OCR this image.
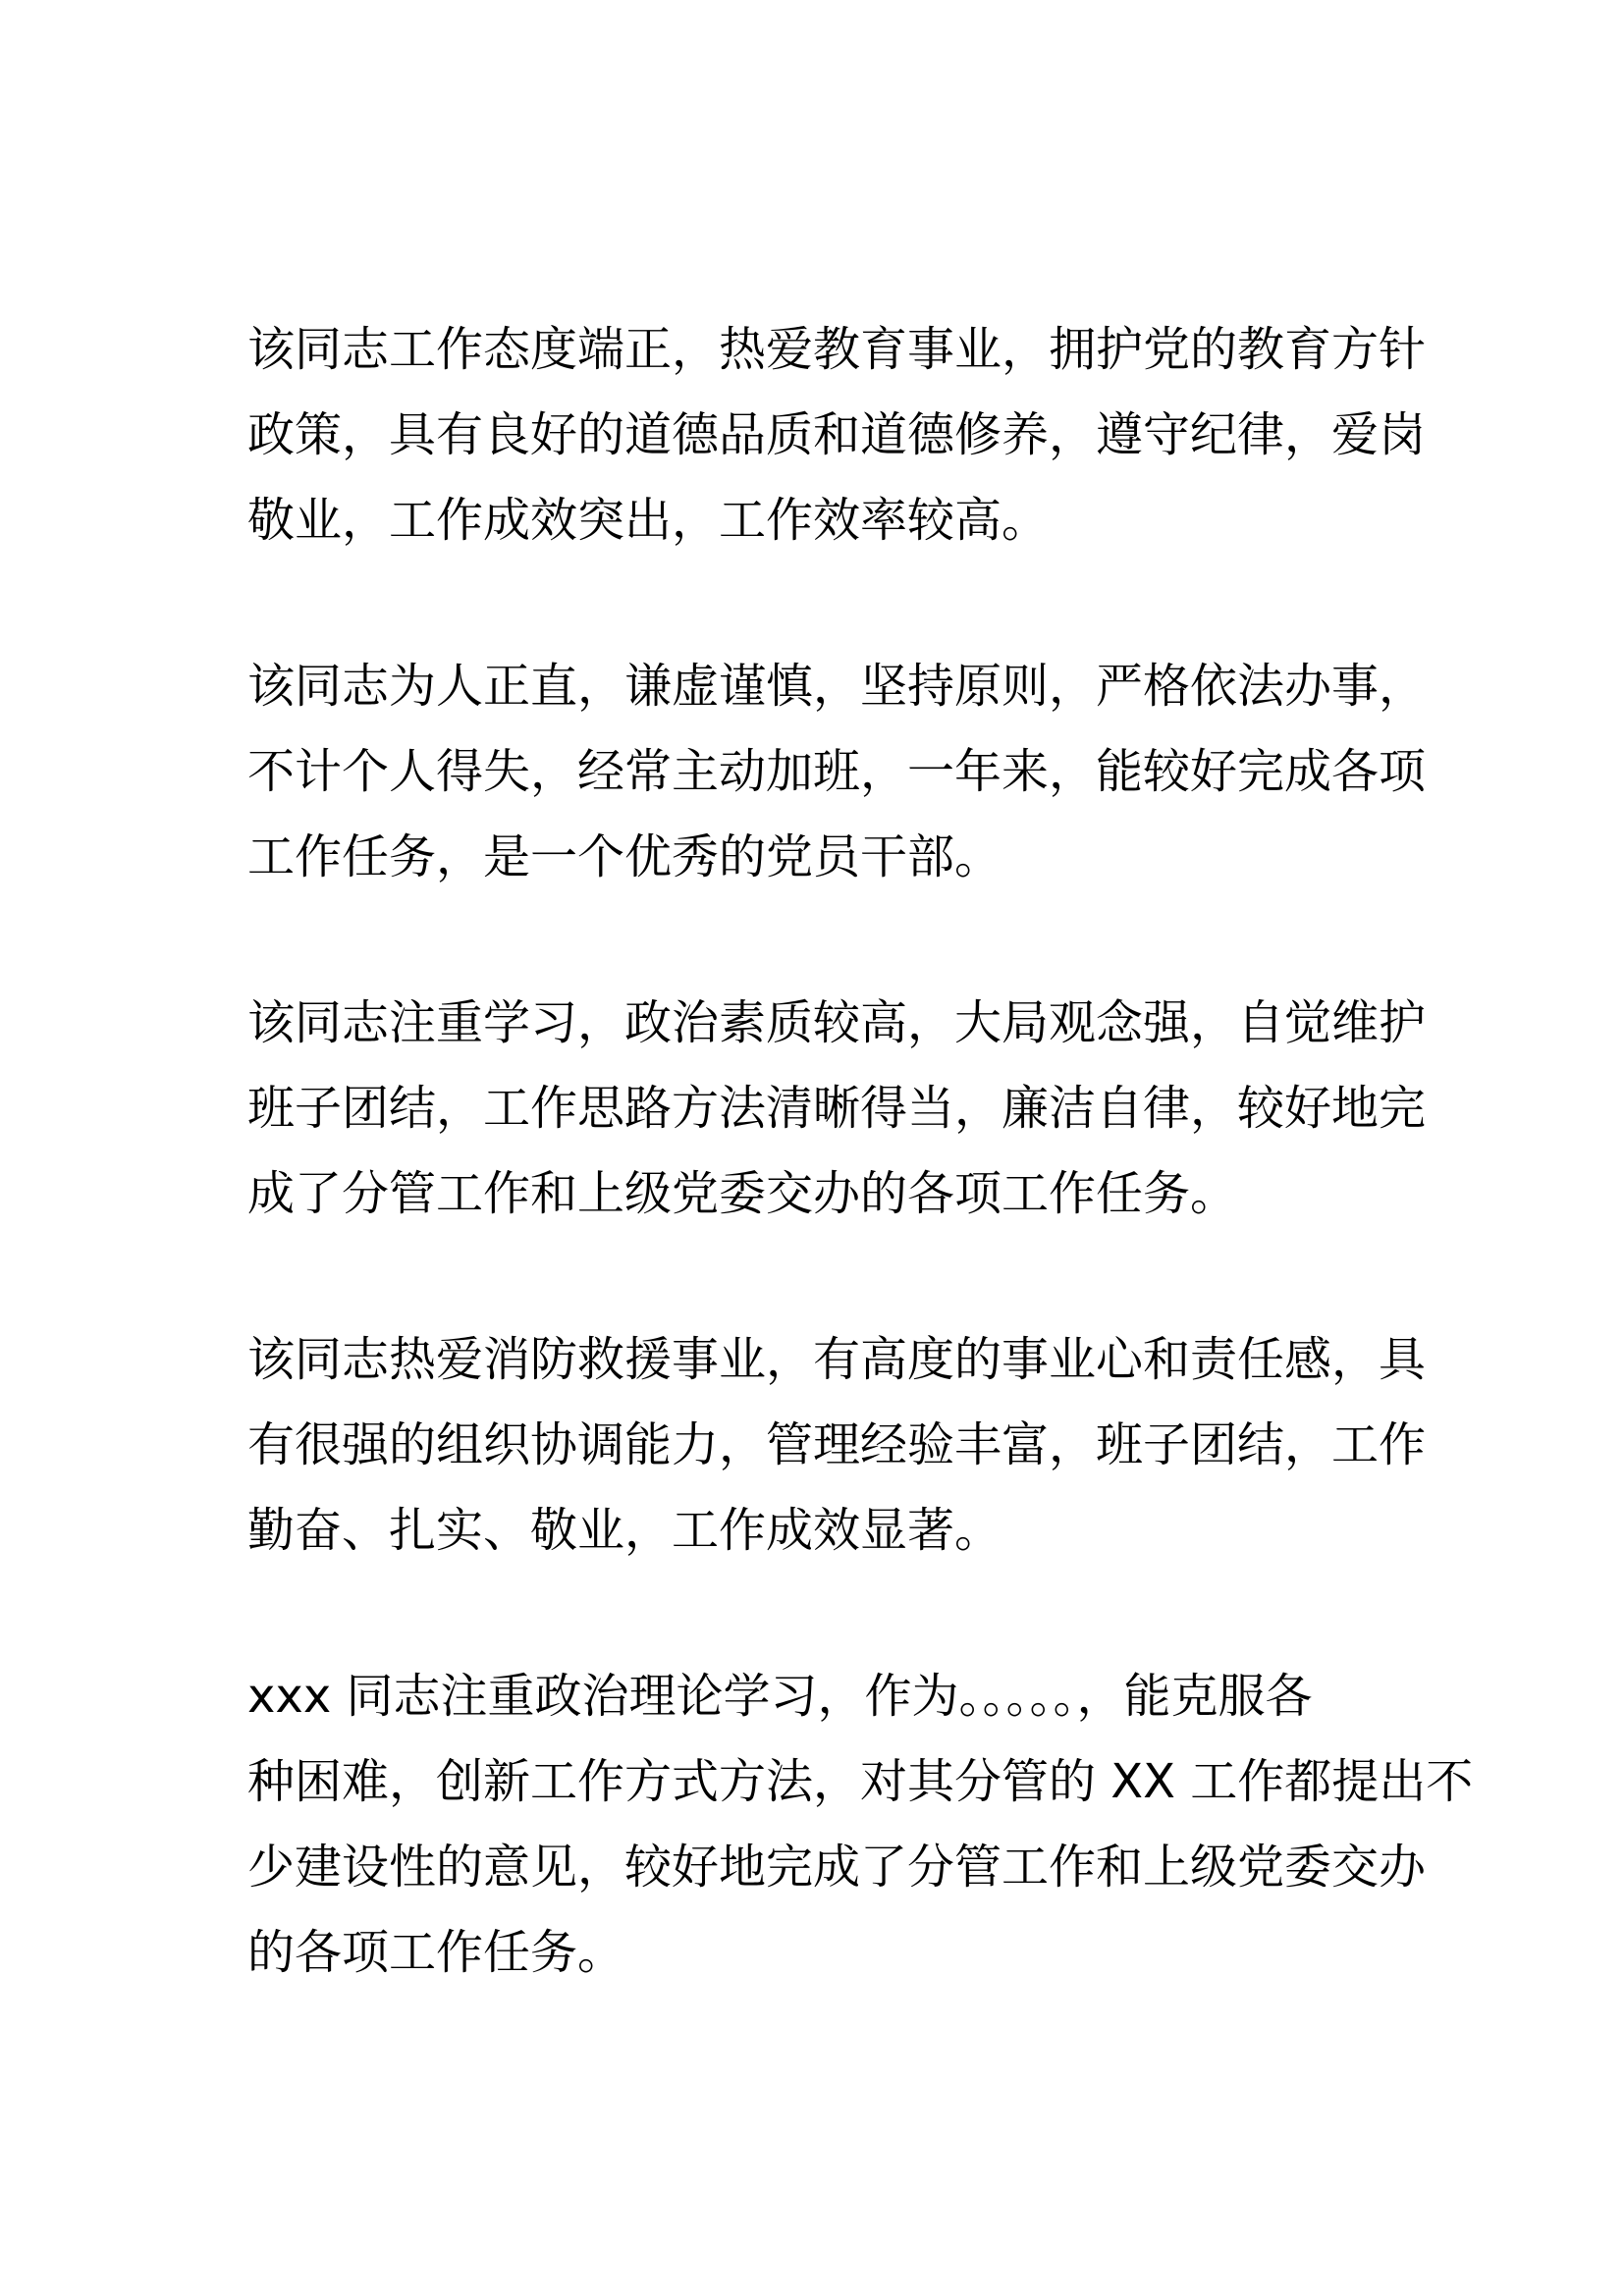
该同志工作态度端正，热爱教育事业，拥护党的教育方针
政策，具有良好的道德品质和道德修养，遵守纪律，爱岗
敬业，工作成效突出，工作效率较高。

该同志为人正直，谦虚谨慎，坚持原则，严格依法办事，
不计个人得失，经常主动加班，一年来，能较好完成各项
工作任务，是一个优秀的党员干部。

该同志注重学习，政治素质较高，大局观念强，自觉维护
班子团结，工作思路方法清晰得当，廉洁自律，较好地完
成了分管工作和上级党委交办的各项工作任务。

该同志热爱消防救援事业，有高度的事业心和责任感，具
有很强的组织协调能力，管理经验丰富，班子团结，工作
勤奋、扎实、敬业，工作成效显著。

xxx 同志注重政治理论学习，作为。。。。。，能克服各
种困难，创新工作方式方法，对其分管的 XX 工作都提出不
少建设性的意见，较好地完成了分管工作和上级党委交办
的各项工作任务。
